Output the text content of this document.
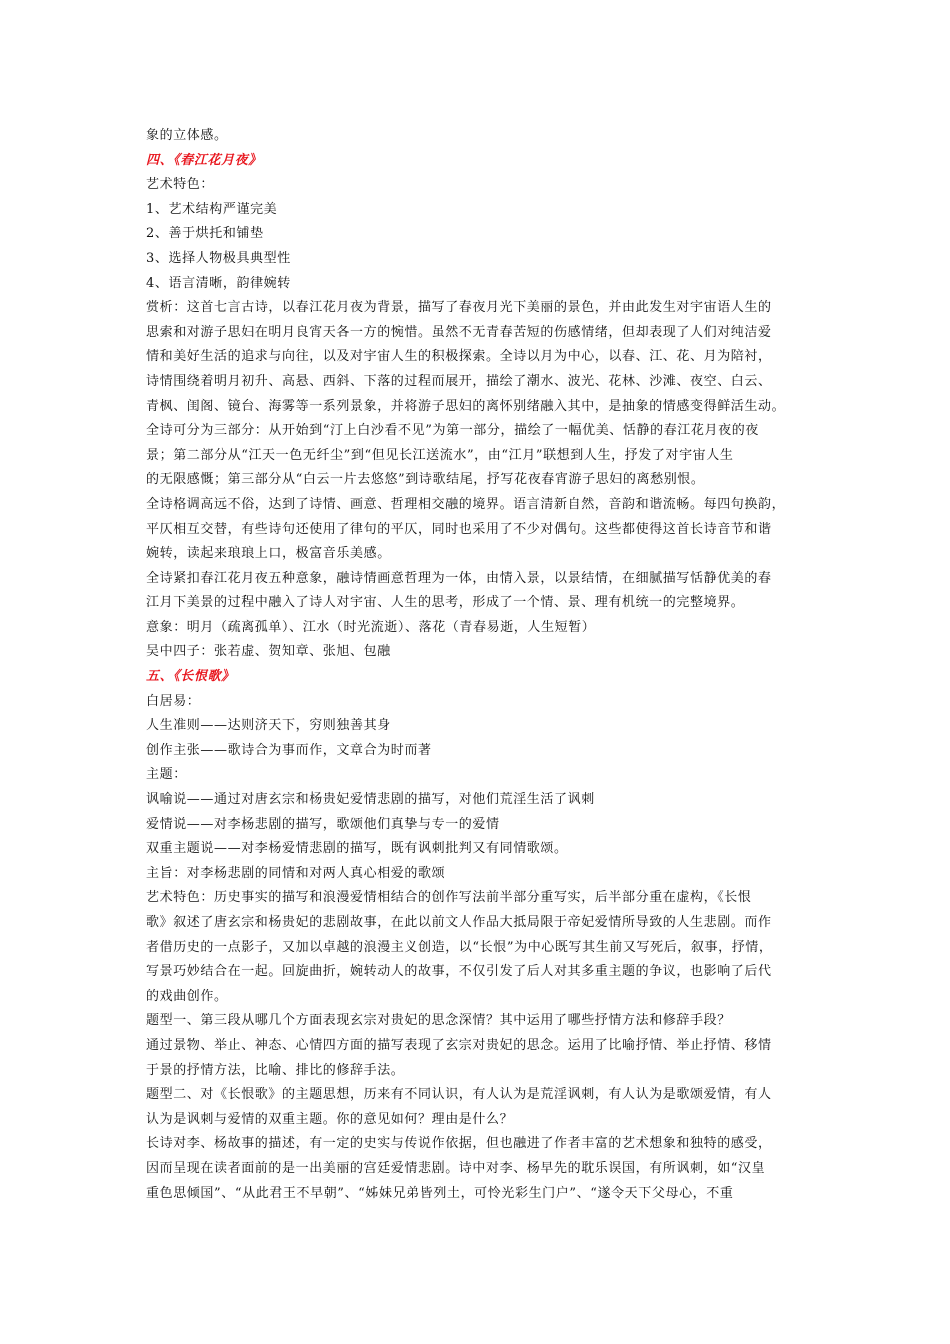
象的立体感。
四、《春江花月夜》
艺术特色：
1、艺术结构严谨完美
2、善于烘托和铺垫
3、选择人物极具典型性
4、语言清晰，韵律婉转
赏析：这首七言古诗，以春江花月夜为背景，描写了春夜月光下美丽的景色，并由此发生对宇宙语人生的
思索和对游子思妇在明月良宵天各一方的惋惜。虽然不无青春苦短的伤感情绪，但却表现了人们对纯洁爱
情和美好生活的追求与向往，以及对宇宙人生的积极探索。全诗以月为中心，以春、江、花、月为陪衬，
诗情围绕着明月初升、高悬、西斜、下落的过程而展开，描绘了潮水、波光、花林、沙滩、夜空、白云、
青枫、闺阁、镜台、海雾等一系列景象，并将游子思妇的离怀别绪融入其中，是抽象的情感变得鲜活生动。
全诗可分为三部分：从开始到“汀上白沙看不见”为第一部分，描绘了一幅优美、恬静的春江花月夜的夜
景；第二部分从“江天一色无纤尘”到“但见长江送流水”，由“江月”联想到人生，抒发了对宇宙人生
的无限感慨；第三部分从“白云一片去悠悠”到诗歌结尾，抒写花夜春宵游子思妇的离愁别恨。
全诗格调高远不俗，达到了诗情、画意、哲理相交融的境界。语言清新自然，音韵和谐流畅。每四句换韵，
平仄相互交替，有些诗句还使用了律句的平仄，同时也采用了不少对偶句。这些都使得这首长诗音节和谐
婉转，读起来琅琅上口，极富音乐美感。
全诗紧扣春江花月夜五种意象，融诗情画意哲理为一体，由情入景，以景结情，在细腻描写恬静优美的春
江月下美景的过程中融入了诗人对宇宙、人生的思考，形成了一个情、景、理有机统一的完整境界。
意象：明月（疏离孤单）、江水（时光流逝）、落花（青春易逝，人生短暂）
吴中四子：张若虚、贺知章、张旭、包融
五、《长恨歌》
白居易：
人生准则——达则济天下，穷则独善其身
创作主张——歌诗合为事而作，文章合为时而著
主题：
讽喻说——通过对唐玄宗和杨贵妃爱情悲剧的描写，对他们荒淫生活了讽刺
爱情说——对李杨悲剧的描写，歌颂他们真挚与专一的爱情
双重主题说——对李杨爱情悲剧的描写，既有讽刺批判又有同情歌颂。
主旨：对李杨悲剧的同情和对两人真心相爱的歌颂
艺术特色：历史事实的描写和浪漫爱情相结合的创作写法前半部分重写实，后半部分重在虚构，《长恨
歌》叙述了唐玄宗和杨贵妃的悲剧故事，在此以前文人作品大抵局限于帝妃爱情所导致的人生悲剧。而作
者借历史的一点影子，又加以卓越的浪漫主义创造，以“长恨”为中心既写其生前又写死后，叙事，抒情，
写景巧妙结合在一起。回旋曲折，婉转动人的故事，不仅引发了后人对其多重主题的争议，也影响了后代
的戏曲创作。
题型一、第三段从哪几个方面表现玄宗对贵妃的思念深情？其中运用了哪些抒情方法和修辞手段？
通过景物、举止、神态、心情四方面的描写表现了玄宗对贵妃的思念。运用了比喻抒情、举止抒情、移情
于景的抒情方法，比喻、排比的修辞手法。
题型二、对《长恨歌》的主题思想，历来有不同认识，有人认为是荒淫讽刺，有人认为是歌颂爱情，有人
认为是讽刺与爱情的双重主题。你的意见如何？理由是什么？
长诗对李、杨故事的描述，有一定的史实与传说作依据，但也融进了作者丰富的艺术想象和独特的感受，
因而呈现在读者面前的是一出美丽的宫廷爱情悲剧。诗中对李、杨早先的耽乐误国，有所讽刺，如“汉皇
重色思倾国”、“从此君王不早朝”、“姊妹兄弟皆列土，可怜光彩生门户”、“遂令天下父母心，不重
